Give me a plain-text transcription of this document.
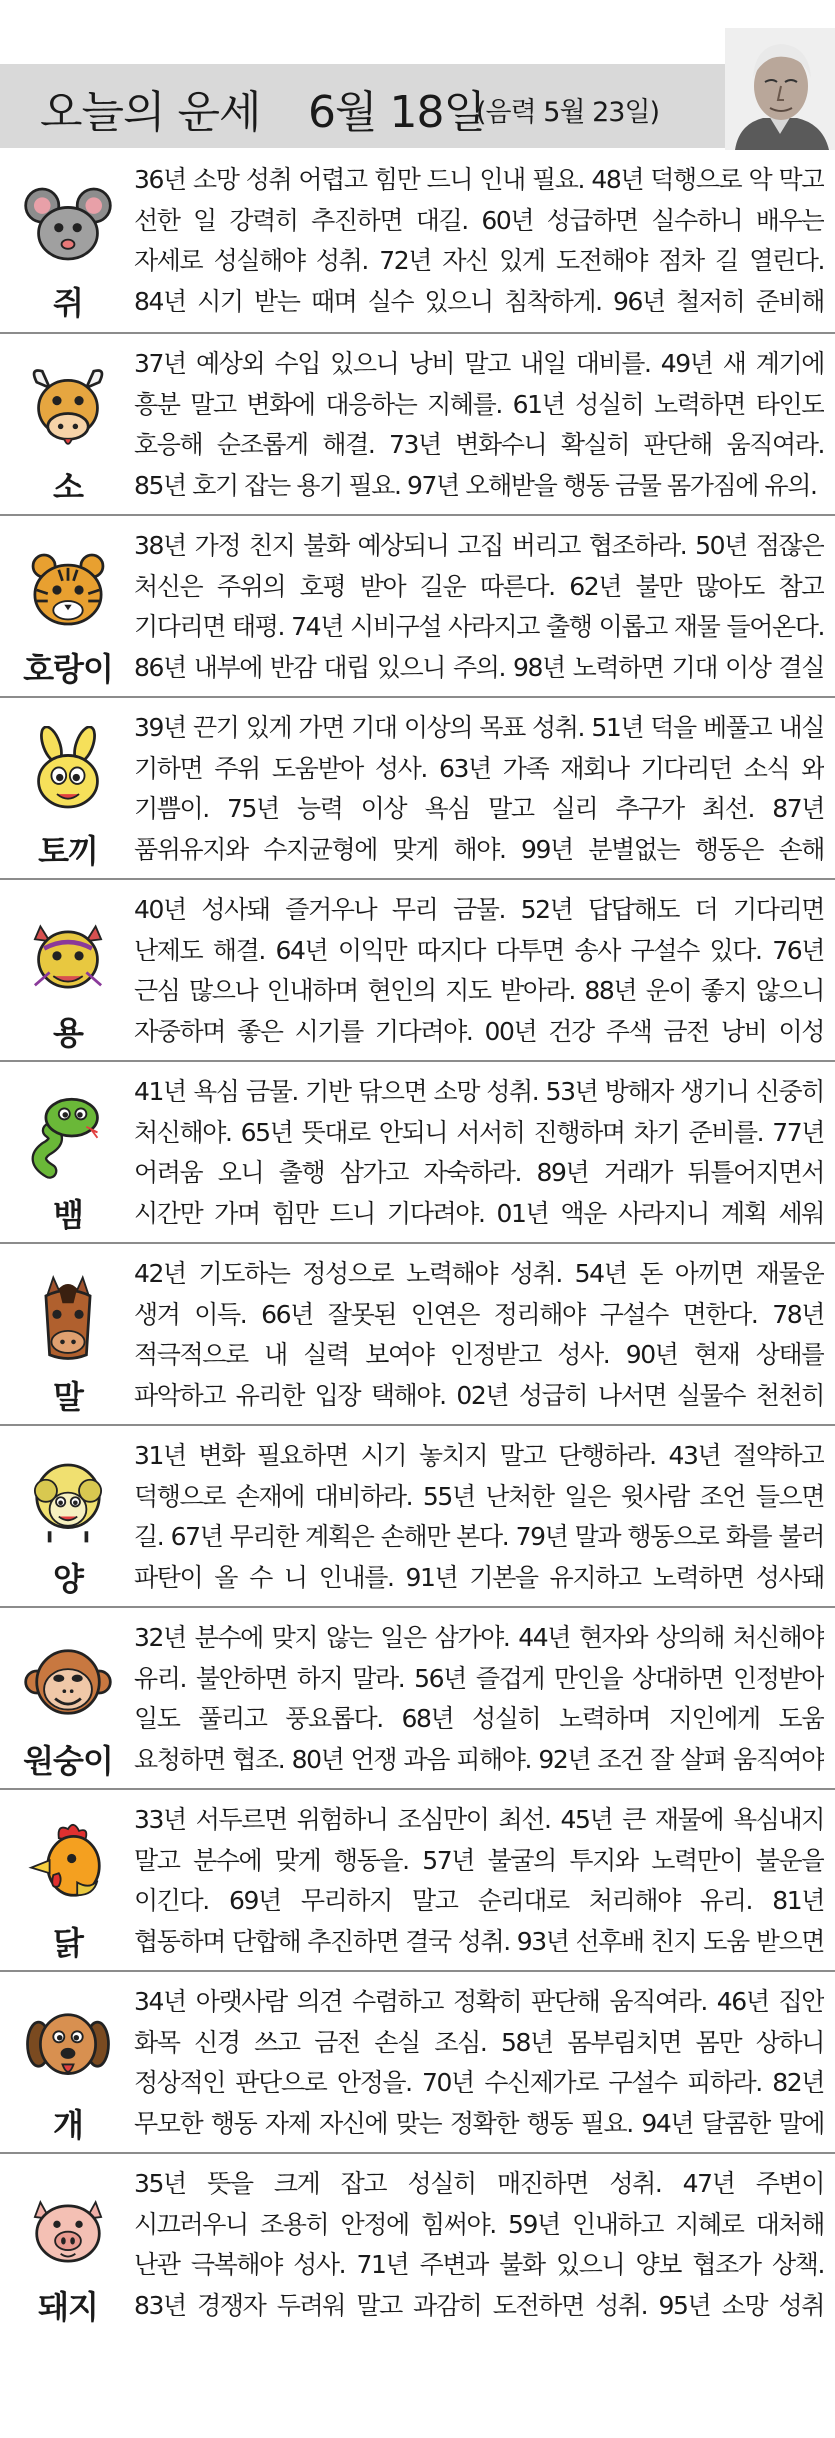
오늘의 운세 6월 18일
(음력 5월 23일)
쥐
36년 소망 성취 어렵고 힘만 드니 인내 필요. 48년 덕행으로 악 막고 선한 일 강력히 추진하면 대길. 60년 성급하면 실수하니 배우는 자세로 성실해야 성취. 72년 자신 있게 도전해야 점차 길 열린다. 84년 시기 받는 때며 실수 있으니 침착하게. 96년 철저히 준비해
소
37년 예상외 수입 있으니 낭비 말고 내일 대비를. 49년 새 계기에 흥분 말고 변화에 대응하는 지혜를. 61년 성실히 노력하면 타인도 호응해 순조롭게 해결. 73년 변화수니 확실히 판단해 움직여라. 85년 호기 잡는 용기 필요. 97년 오해받을 행동 금물 몸가짐에 유의.
호랑이
38년 가정 친지 불화 예상되니 고집 버리고 협조하라. 50년 점잖은 처신은 주위의 호평 받아 길운 따른다. 62년 불만 많아도 참고 기다리면 태평. 74년 시비구설 사라지고 출행 이롭고 재물 들어온다. 86년 내부에 반감 대립 있으니 주의. 98년 노력하면 기대 이상 결실
토끼
39년 끈기 있게 가면 기대 이상의 목표 성취. 51년 덕을 베풀고 내실 기하면 주위 도움받아 성사. 63년 가족 재회나 기다리던 소식 와 기쁨이. 75년 능력 이상 욕심 말고 실리 추구가 최선. 87년 품위유지와 수지균형에 맞게 해야. 99년 분별없는 행동은 손해
용
40년 성사돼 즐거우나 무리 금물. 52년 답답해도 더 기다리면 난제도 해결. 64년 이익만 따지다 다투면 송사 구설수 있다. 76년 근심 많으나 인내하며 현인의 지도 받아라. 88년 운이 좋지 않으니 자중하며 좋은 시기를 기다려야. 00년 건강 주색 금전 낭비 이성
뱀
41년 욕심 금물. 기반 닦으면 소망 성취. 53년 방해자 생기니 신중히 처신해야. 65년 뜻대로 안되니 서서히 진행하며 차기 준비를. 77년 어려움 오니 출행 삼가고 자숙하라. 89년 거래가 뒤틀어지면서 시간만 가며 힘만 드니 기다려야. 01년 액운 사라지니 계획 세워
말
42년 기도하는 정성으로 노력해야 성취. 54년 돈 아끼면 재물운 생겨 이득. 66년 잘못된 인연은 정리해야 구설수 면한다. 78년 적극적으로 내 실력 보여야 인정받고 성사. 90년 현재 상태를 파악하고 유리한 입장 택해야. 02년 성급히 나서면 실물수 천천히
양
31년 변화 필요하면 시기 놓치지 말고 단행하라. 43년 절약하고 덕행으로 손재에 대비하라. 55년 난처한 일은 윗사람 조언 들으면 길. 67년 무리한 계획은 손해만 본다. 79년 말과 행동으로 화를 불러 파탄이 올 수 니 인내를. 91년 기본을 유지하고 노력하면 성사돼
원숭이
32년 분수에 맞지 않는 일은 삼가야. 44년 현자와 상의해 처신해야 유리. 불안하면 하지 말라. 56년 즐겁게 만인을 상대하면 인정받아 일도 풀리고 풍요롭다. 68년 성실히 노력하며 지인에게 도움 요청하면 협조. 80년 언쟁 과음 피해야. 92년 조건 잘 살펴 움직여야
닭
33년 서두르면 위험하니 조심만이 최선. 45년 큰 재물에 욕심내지 말고 분수에 맞게 행동을. 57년 불굴의 투지와 노력만이 불운을 이긴다. 69년 무리하지 말고 순리대로 처리해야 유리. 81년 협동하며 단합해 추진하면 결국 성취. 93년 선후배 친지 도움 받으면
개
34년 아랫사람 의견 수렴하고 정확히 판단해 움직여라. 46년 집안 화목 신경 쓰고 금전 손실 조심. 58년 몸부림치면 몸만 상하니 정상적인 판단으로 안정을. 70년 수신제가로 구설수 피하라. 82년 무모한 행동 자제 자신에 맞는 정확한 행동 필요. 94년 달콤한 말에
돼지
35년 뜻을 크게 잡고 성실히 매진하면 성취. 47년 주변이 시끄러우니 조용히 안정에 힘써야. 59년 인내하고 지혜로 대처해 난관 극복해야 성사. 71년 주변과 불화 있으니 양보 협조가 상책. 83년 경쟁자 두려워 말고 과감히 도전하면 성취. 95년 소망 성취
